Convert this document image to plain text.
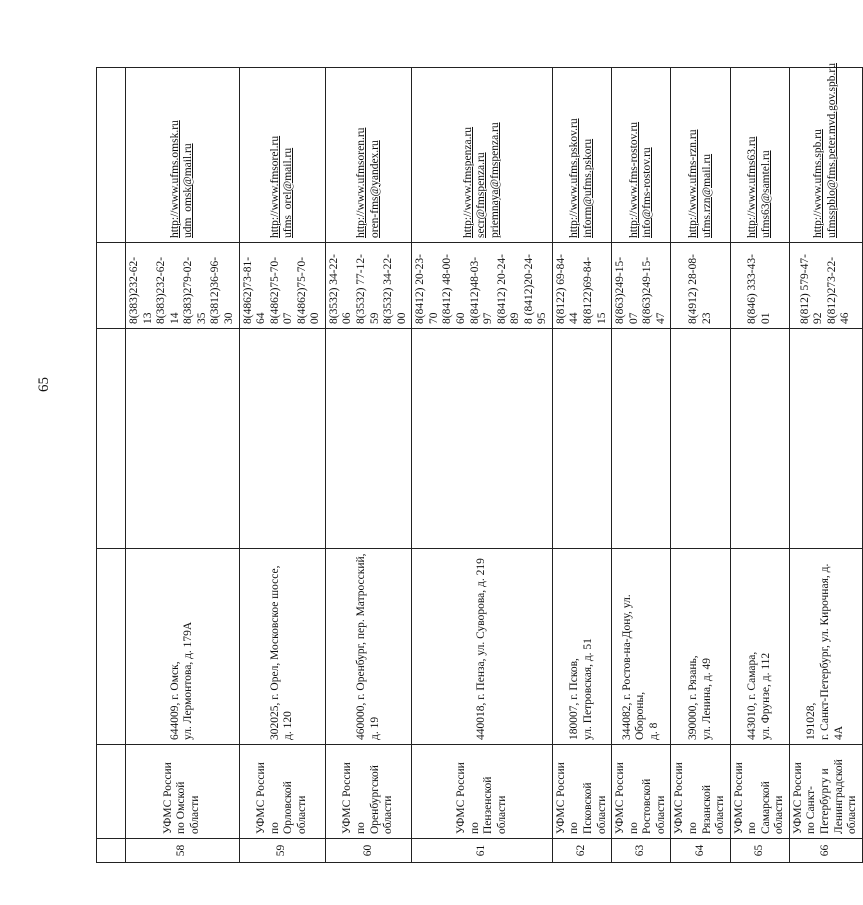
65

58	УФМС России по Омской области	644009, г. Омск, ул. Лермонтова, д. 179А		8(383)232-62-13 8(383)232-62-14 8(383)279-02-35 8(3812)36-96-30	http://www.ufms.omsk.ru udm_omsk@mail.ru

59	УФМС России по Орловской области	302025, г. Орел, Московское шоссе, д. 120		8(4862)73-81-64 8(4862)75-70-07 8(4862)75-70-00	http://www.fmsorel.ru ufms_orel@mail.ru

60	УФМС России по Оренбургской области	460000, г. Оренбург, пер. Матросский, д. 19		8(3532) 34-22-06 8(3532) 77-12-59 8(3532) 34-22-00	http://www.ufmsoren.ru oren-fms@yandex.ru

61	УФМС России по Пензенской области	440018, г. Пенза, ул. Суворова, д. 219		8(8412) 20-23-70 8(8412) 48-00-60 8(8412)48-03-97 8(8412) 20-24-89 8 (8412)20-24-95	http://www.fmspenza.ru secr@fmspenza.ru priemnaya@fmspenza.ru

62	УФМС России по Псковской области	180007, г. Псков, ул. Петровская, д. 51		8(8122) 69-84-44 8(8122)69-84-15	http://www.ufms.pskov.ru inform@ufms.pskoru

63	УФМС России по Ростовской области	344082, г. Ростов-на-Дону, ул. Обороны, д. 8		8(863)249-15-07 8(863)249-15-47	http://www.fms-rostov.ru info@fms-rostov.ru

64	УФМС России по Рязанской области	390000, г. Рязань, ул. Ленина, д. 49		8(4912) 28-08-23	http://www.ufms-rzn.ru ufms.rzn@mail.ru

65	УФМС России по Самарской области	443010, г. Самара, ул. Фрунзе, д. 112		8(846) 333-43-01	http://www.ufms63.ru ufms63@samtel.ru

66	УФМС России по Санкт- Петербургу и Ленинградской области	191028, г. Санкт-Петербург, ул. Кирочная, д. 4А		8(812) 579-47-92 8(812)273-22-46	http://www.ufms.spb.ru ufmsspblo@fms.peter.mvd.gov.spb.ru
